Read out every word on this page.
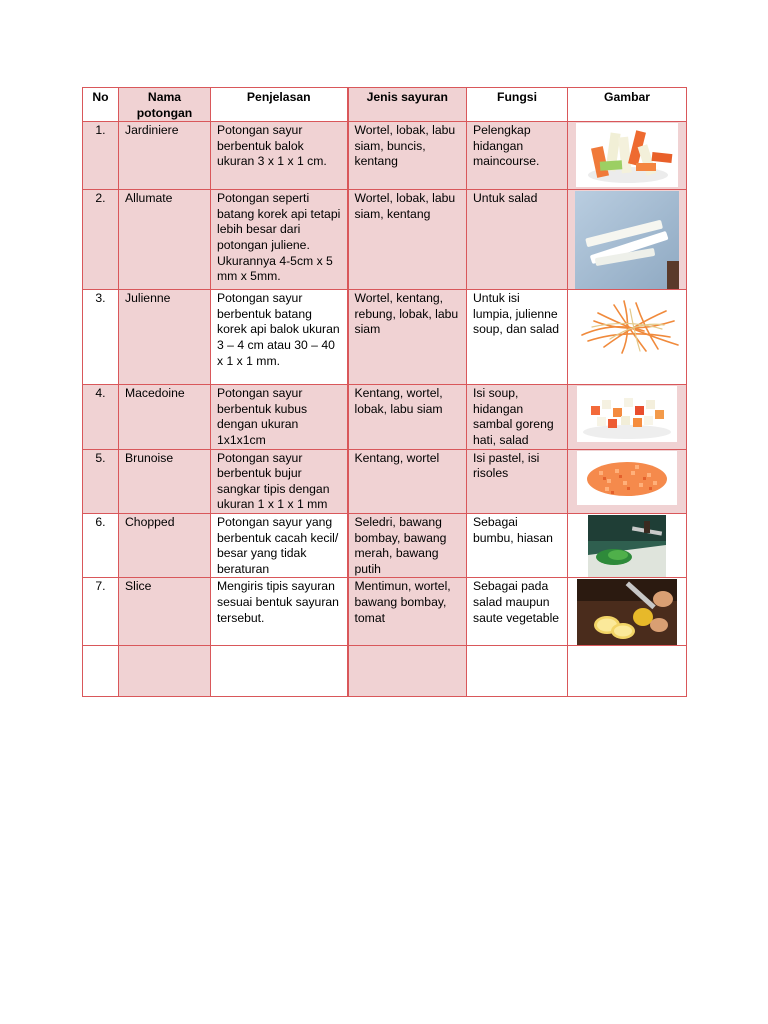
No	Nama potongan	Penjelasan	Jenis sayuran	Fungsi	Gambar
1.	Jardiniere	Potongan sayur berbentuk balok ukuran 3 x 1 x 1 cm.	Wortel, lobak, labu siam, buncis, kentang	Pelengkap hidangan maincourse.	

2.	Allumate	Potongan seperti batang korek api tetapi lebih besar dari potongan juliene. Ukurannya 4-5cm x 5 mm x 5mm.	Wortel, lobak, labu siam, kentang	Untuk salad	

3.	Julienne	Potongan sayur berbentuk batang korek api balok ukuran 3 – 4 cm atau 30 – 40 x 1 x 1 mm.	Wortel, kentang, rebung, lobak, labu siam	Untuk isi lumpia, julienne soup, dan salad	

4.	Macedoine	Potongan sayur berbentuk kubus dengan ukuran 1x1x1cm	Kentang, wortel, lobak, labu siam	Isi soup, hidangan sambal goreng hati, salad	

5.	Brunoise	Potongan sayur berbentuk bujur sangkar tipis dengan ukuran 1 x 1 x 1 mm	Kentang, wortel	Isi pastel, isi risoles	

6.	Chopped	Potongan sayur yang berbentuk cacah kecil/ besar yang tidak beraturan	Seledri, bawang bombay, bawang merah, bawang putih	Sebagai bumbu, hiasan	

7.	Slice	Mengiris tipis sayuran sesuai bentuk sayuran tersebut.	Mentimun, wortel, bawang bombay, tomat	Sebagai pada salad maupun saute vegetable	
